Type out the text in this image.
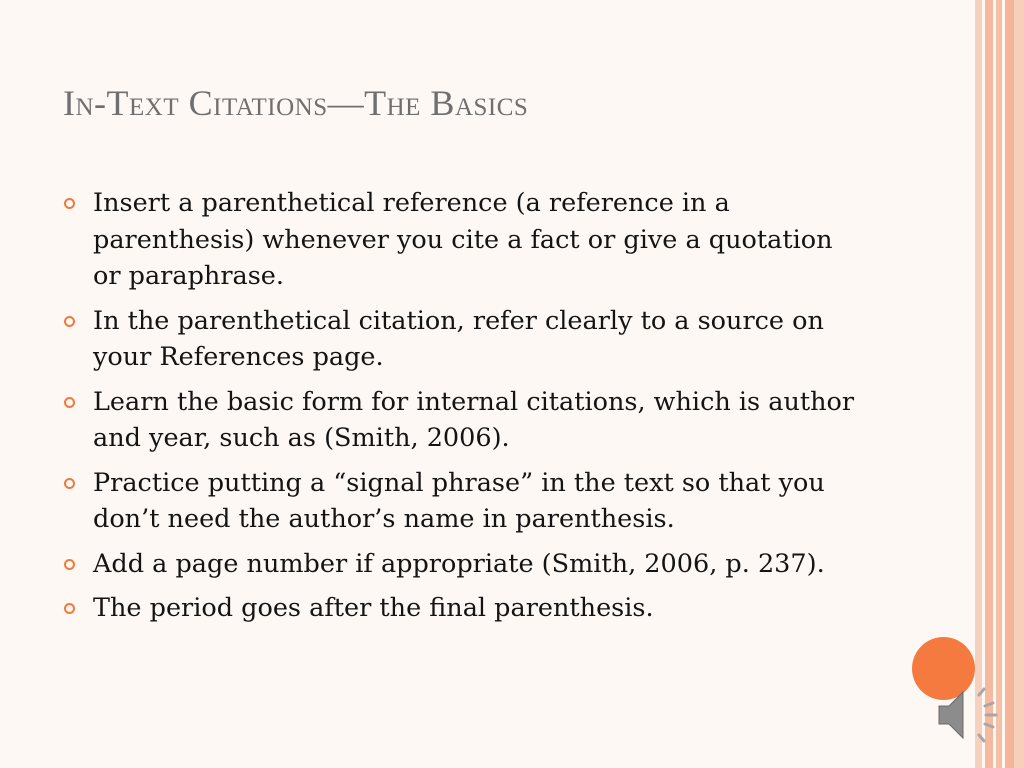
In-Text Citations—The Basics
Insert a parenthetical reference (a reference in a parenthesis) whenever you cite a fact or give a quotation or paraphrase.
In the parenthetical citation, refer clearly to a source on your References page.
Learn the basic form for internal citations, which is author and year, such as (Smith, 2006).
Practice putting a “signal phrase” in the text so that you don’t need the author’s name in parenthesis.
Add a page number if appropriate (Smith, 2006, p. 237).
The period goes after the final parenthesis.
